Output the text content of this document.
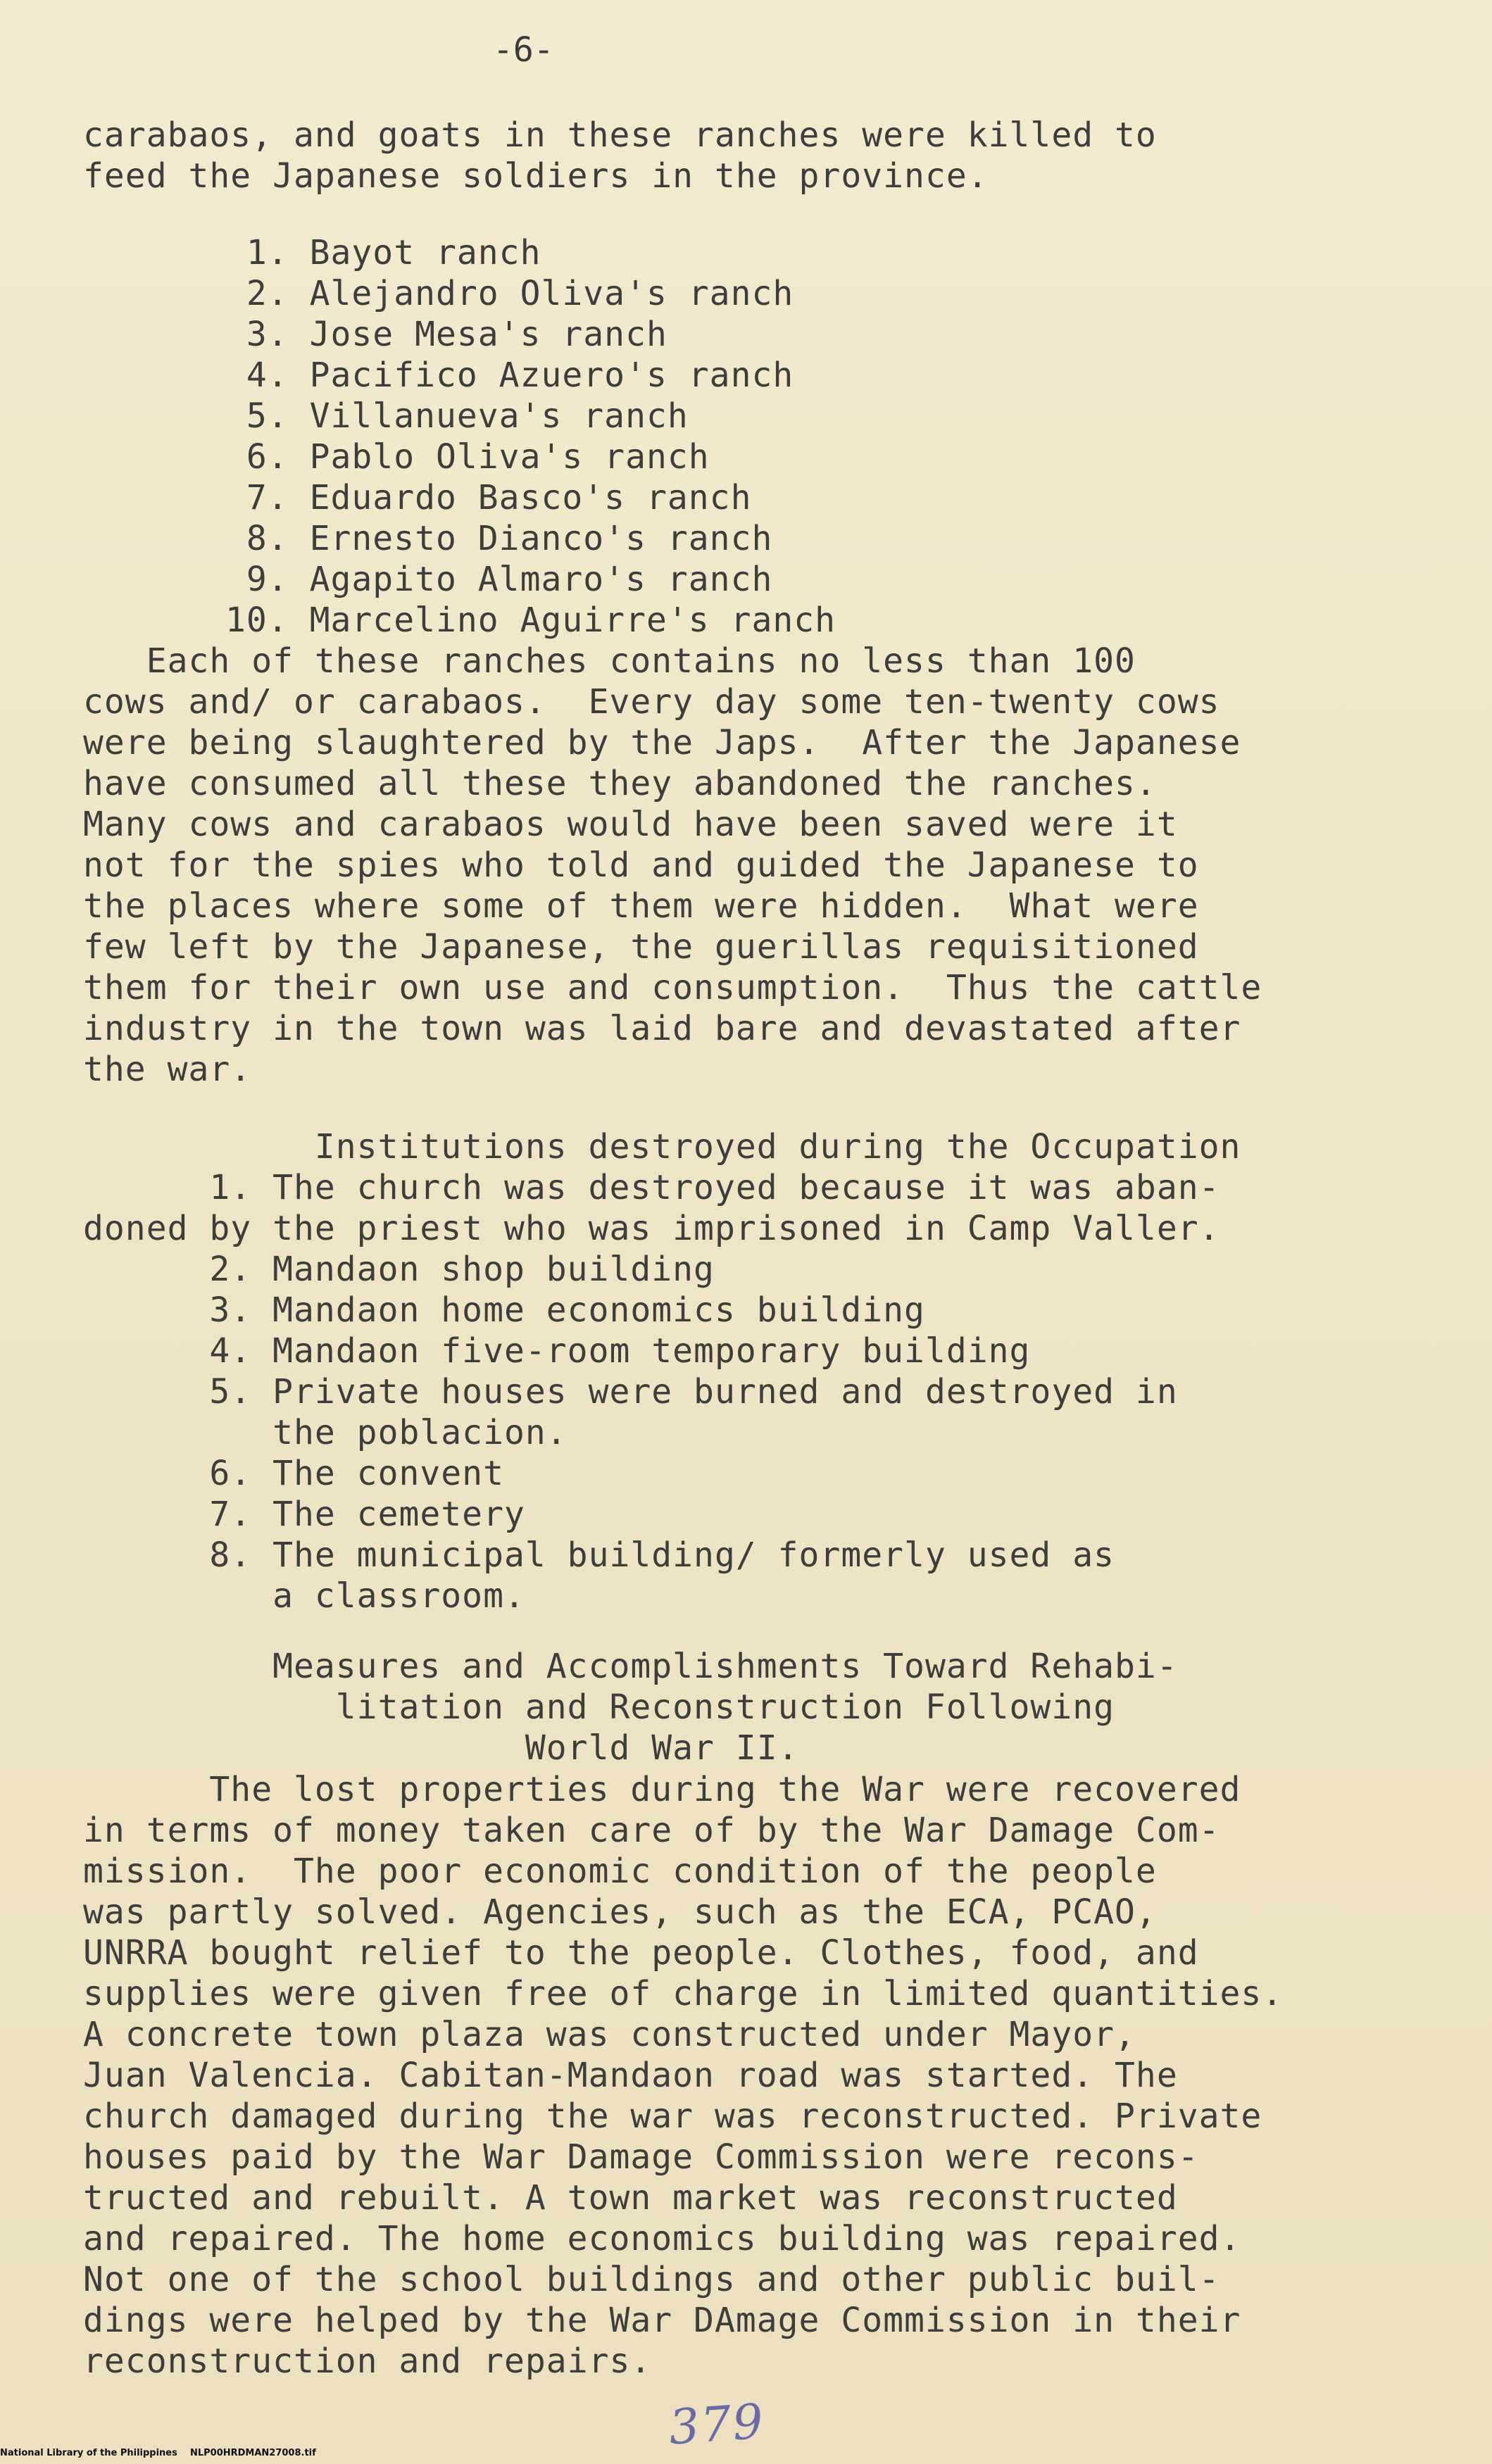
-6-
carabaos, and goats in these ranches were killed to
feed the Japanese soldiers in the province.
1. Bayot ranch
2. Alejandro Oliva's ranch
3. Jose Mesa's ranch
4. Pacifico Azuero's ranch
5. Villanueva's ranch
6. Pablo Oliva's ranch
7. Eduardo Basco's ranch
8. Ernesto Dianco's ranch
9. Agapito Almaro's ranch
10. Marcelino Aguirre's ranch
Each of these ranches contains no less than 100
cows and/ or carabaos.  Every day some ten-twenty cows
were being slaughtered by the Japs.  After the Japanese
have consumed all these they abandoned the ranches.
Many cows and carabaos would have been saved were it
not for the spies who told and guided the Japanese to
the places where some of them were hidden.  What were
few left by the Japanese, the guerillas requisitioned
them for their own use and consumption.  Thus the cattle
industry in the town was laid bare and devastated after
the war.
Institutions destroyed during the Occupation
1. The church was destroyed because it was aban-
doned by the priest who was imprisoned in Camp Valler.
2. Mandaon shop building
3. Mandaon home economics building
4. Mandaon five-room temporary building
5. Private houses were burned and destroyed in
the poblacion.
6. The convent
7. The cemetery
8. The municipal building/ formerly used as
a classroom.
Measures and Accomplishments Toward Rehabi-
litation and Reconstruction Following
World War II.
The lost properties during the War were recovered
in terms of money taken care of by the War Damage Com-
mission.  The poor economic condition of the people
was partly solved. Agencies, such as the ECA, PCAO,
UNRRA bought relief to the people. Clothes, food, and
supplies were given free of charge in limited quantities.
A concrete town plaza was constructed under Mayor,
Juan Valencia. Cabitan-Mandaon road was started. The
church damaged during the war was reconstructed. Private
houses paid by the War Damage Commission were recons-
tructed and rebuilt. A town market was reconstructed
and repaired. The home economics building was repaired.
Not one of the school buildings and other public buil-
dings were helped by the War DAmage Commission in their
reconstruction and repairs.
379
National Library of the Philippines    NLP00HRDMAN27008.tif
